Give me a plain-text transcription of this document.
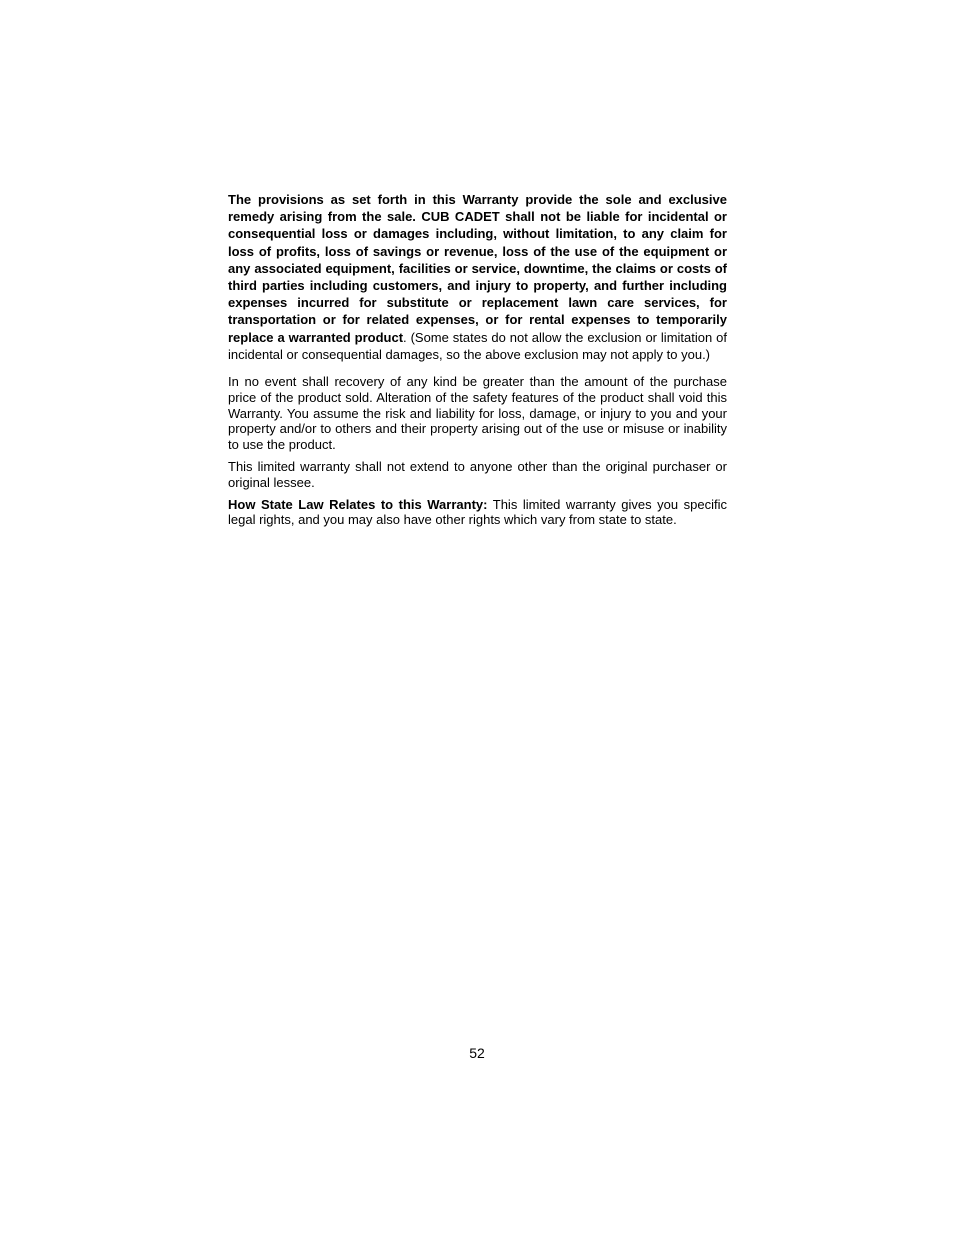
The provisions as set forth in this Warranty provide the sole and exclusive remedy arising from the sale. CUB CADET shall not be liable for incidental or consequential loss or damages including, without limitation, to any claim for loss of profits, loss of savings or revenue, loss of the use of the equipment or any associated equipment, facilities or service, downtime, the claims or costs of third parties including customers, and injury to property, and further including expenses incurred for substitute or replacement lawn care services, for transportation or for related expenses, or for rental expenses to temporarily replace a warranted product. (Some states do not allow the exclusion or limitation of incidental or consequential damages, so the above exclusion may not apply to you.)

In no event shall recovery of any kind be greater than the amount of the purchase price of the product sold. Alteration of the safety features of the product shall void this Warranty. You assume the risk and liability for loss, damage, or injury to you and your property and/or to others and their property arising out of the use or misuse or inability to use the product.

This limited warranty shall not extend to anyone other than the original purchaser or original lessee.

How State Law Relates to this Warranty: This limited warranty gives you specific legal rights, and you may also have other rights which vary from state to state.

52
